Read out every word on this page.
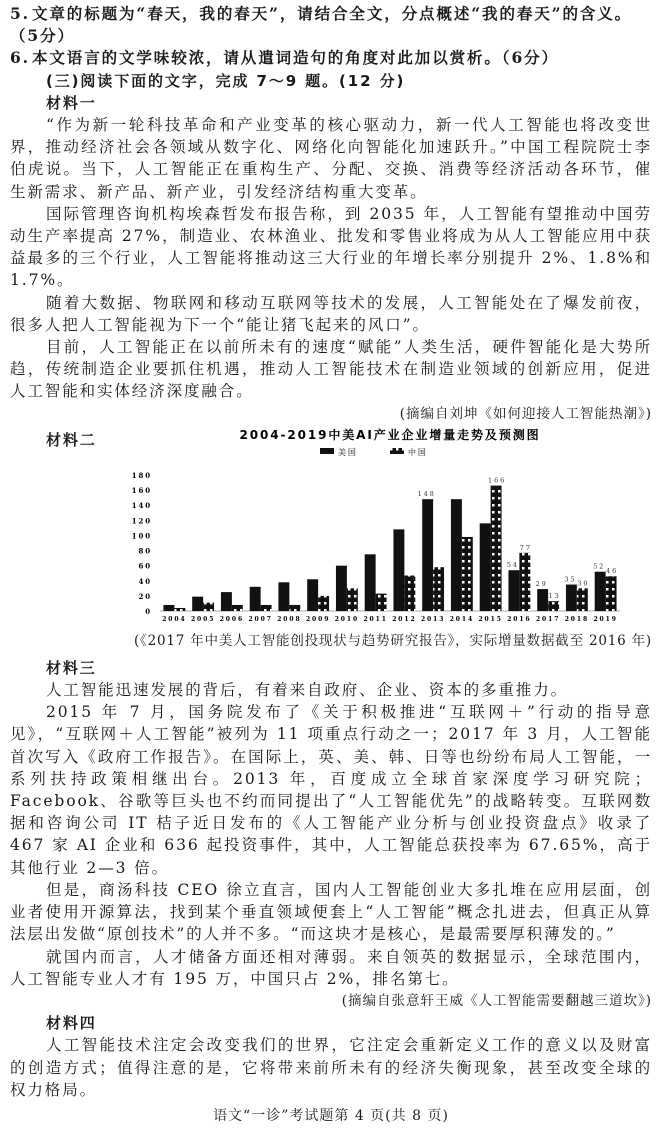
5. 文章的标题为“春天，我的春天”，请结合全文，分点概述“我的春天”的含义。（5分）
6. 本文语言的文学味较浓，请从遣词造句的角度对此加以赏析。（6分）
(三)阅读下面的文字，完成 7～9 题。(12 分)
材料一
“作为新一轮科技革命和产业变革的核心驱动力，新一代人工智能也将改变世界，推动经济社会各领域从数字化、网络化向智能化加速跃升。”中国工程院院士李伯虎说。当下，人工智能正在重构生产、分配、交换、消费等经济活动各环节，催生新需求、新产品、新产业，引发经济结构重大变革。
国际管理咨询机构埃森哲发布报告称，到 2035 年，人工智能有望推动中国劳动生产率提高 27%，制造业、农林渔业、批发和零售业将成为从人工智能应用中获益最多的三个行业，人工智能将推动这三大行业的年增长率分别提升 2%、1.8%和 1.7%。
随着大数据、物联网和移动互联网等技术的发展，人工智能处在了爆发前夜，很多人把人工智能视为下一个“能让猪飞起来的风口”。
目前，人工智能正在以前所未有的速度“赋能”人类生活，硬件智能化是大势所趋，传统制造企业要抓住机遇，推动人工智能技术在制造业领域的创新应用，促进人工智能和实体经济深度融合。
(摘编自刘坤《如何迎接人工智能热潮》)
材料二	2004-2019中美AI产业企业增量走势及预测图
美国	中国
0
20
40
60
80
100
120
140
160
180
2004 2005 2006 2007 2008 2009 2010 2011 2012
148
2013 2014
166
2015
54
77
2016
29
13
2017
35 30
2018
52
46
2019
(《2017 年中美人工智能创投现状与趋势研究报告》，实际增量数据截至 2016 年)
材料三
人工智能迅速发展的背后，有着来自政府、企业、资本的多重推力。
2015 年 7 月，国务院发布了《关于积极推进“互联网＋”行动的指导意见》，“互联网＋人工智能”被列为 11 项重点行动之一；2017 年 3 月，人工智能首次写入《政府工作报告》。在国际上，英、美、韩、日等也纷纷布局人工智能，一系列扶持政策相继出台。2013 年，百度成立全球首家深度学习研究院；Facebook、谷歌等巨头也不约而同提出了“人工智能优先”的战略转变。互联网数据和咨询公司 IT 桔子近日发布的《人工智能产业分析与创业投资盘点》收录了 467 家 AI 企业和 636 起投资事件，其中，人工智能总获投率为 67.65%，高于其他行业 2—3 倍。
但是，商汤科技 CEO 徐立直言，国内人工智能创业大多扎堆在应用层面，创业者使用开源算法，找到某个垂直领域便套上“人工智能”概念扎进去，但真正从算法层出发做“原创技术”的人并不多。“而这块才是核心，是最需要厚积薄发的。”
就国内而言，人才储备方面还相对薄弱。来自领英的数据显示，全球范围内，人工智能专业人才有 195 万，中国只占 2%，排名第七。
(摘编自张意轩王威《人工智能需要翻越三道坎》)
材料四
人工智能技术注定会改变我们的世界，它注定会重新定义工作的意义以及财富的创造方式；值得注意的是，它将带来前所未有的经济失衡现象，甚至改变全球的权力格局。
语文“一诊”考试题第 4 页(共 8 页)
